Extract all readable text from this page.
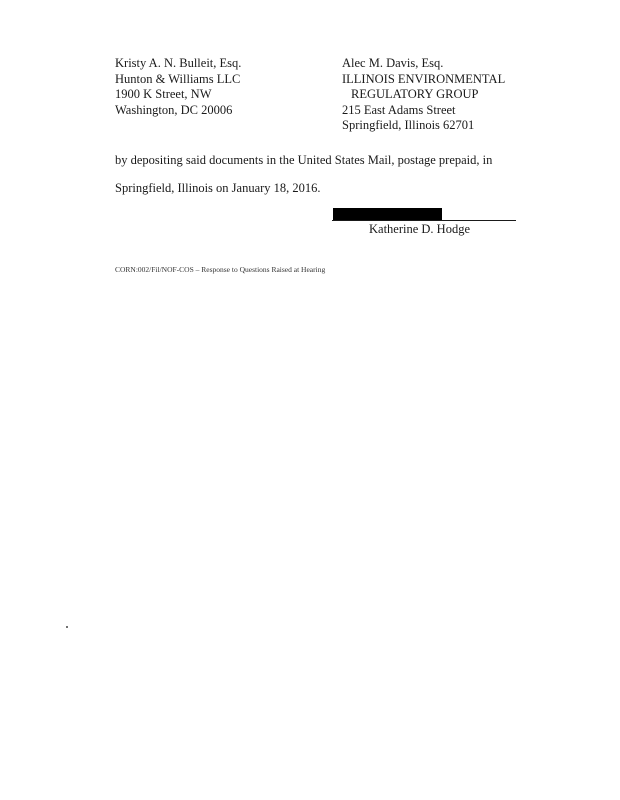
Kristy A. N. Bulleit, Esq.
Hunton & Williams LLC
1900 K Street, NW
Washington, DC 20006
Alec M. Davis, Esq.
ILLINOIS ENVIRONMENTAL
REGULATORY GROUP
215 East Adams Street
Springfield, Illinois 62701
by depositing said documents in the United States Mail, postage prepaid, in
Springfield, Illinois on January 18, 2016.
Katherine D. Hodge
CORN:002/Fil/NOF-COS – Response to Questions Raised at Hearing
